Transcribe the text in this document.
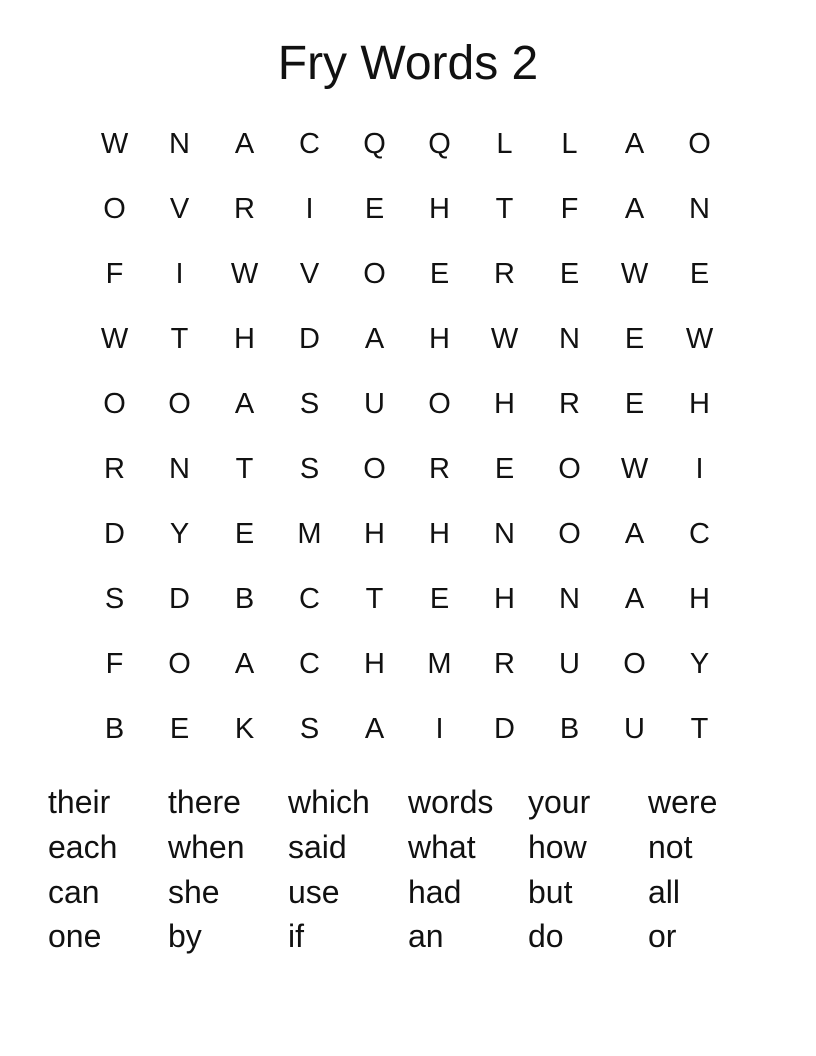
Fry Words 2
W	N	A	C	Q	Q	L	L	A	O
O	V	R	I	E	H	T	F	A	N
F	I	W	V	O	E	R	E	W	E
W	T	H	D	A	H	W	N	E	W
O	O	A	S	U	O	H	R	E	H
R	N	T	S	O	R	E	O	W	I
D	Y	E	M	H	H	N	O	A	C
S	D	B	C	T	E	H	N	A	H
F	O	A	C	H	M	R	U	O	Y
B	E	K	S	A	I	D	B	U	T
their	there	which	words	your	were
each	when	said	what	how	not
can	she	use	had	but	all
one	by	if	an	do	or
